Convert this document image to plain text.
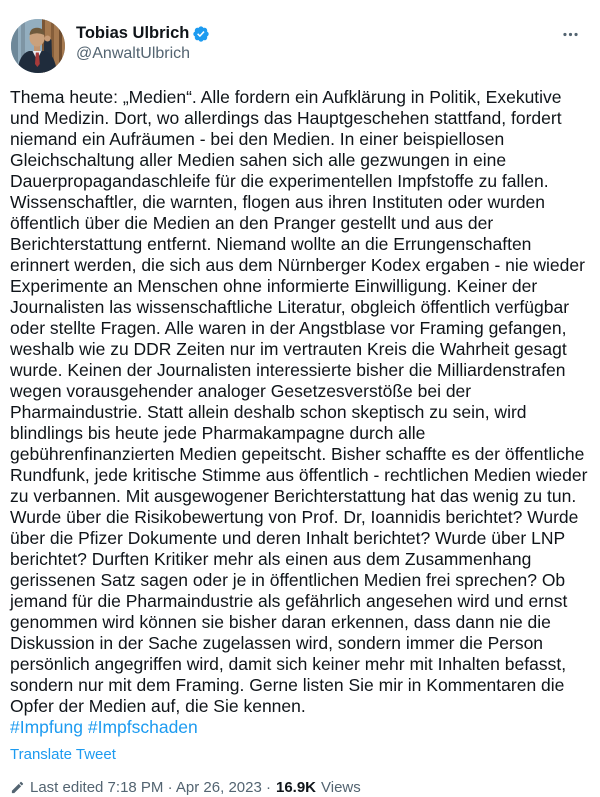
Tobias Ulbrich
@AnwaltUlbrich
Thema heute: „Medien“. Alle fordern ein Aufklärung in Politik, Exekutive und Medizin. Dort, wo allerdings das Hauptgeschehen stattfand, fordert niemand ein Aufräumen - bei den Medien. In einer beispiellosen Gleichschaltung aller Medien sahen sich alle gezwungen in eine Dauerpropagandaschleife für die experimentellen Impfstoffe zu fallen. Wissenschaftler, die warnten, flogen aus ihren Instituten oder wurden öffentlich über die Medien an den Pranger gestellt und aus der Berichterstattung entfernt. Niemand wollte an die Errungenschaften erinnert werden, die sich aus dem Nürnberger Kodex ergaben - nie wieder Experimente an Menschen ohne informierte Einwilligung. Keiner der Journalisten las wissenschaftliche Literatur, obgleich öffentlich verfügbar oder stellte Fragen. Alle waren in der Angstblase vor Framing gefangen, weshalb wie zu DDR Zeiten nur im vertrauten Kreis die Wahrheit gesagt wurde. Keinen der Journalisten interessierte bisher die Milliardenstrafen wegen vorausgehender analoger Gesetzesverstöße bei der Pharmaindustrie. Statt allein deshalb schon skeptisch zu sein, wird blindlings bis heute jede Pharmakampagne durch alle gebührenfinanzierten Medien gepeitscht. Bisher schaffte es der öffentliche Rundfunk, jede kritische Stimme aus öffentlich - rechtlichen Medien wieder zu verbannen. Mit ausgewogener Berichterstattung hat das wenig zu tun. Wurde über die Risikobewertung von Prof. Dr, Ioannidis berichtet? Wurde über die Pfizer Dokumente und deren Inhalt berichtet? Wurde über LNP berichtet? Durften Kritiker mehr als einen aus dem Zusammenhang gerissenen Satz sagen oder je in öffentlichen Medien frei sprechen? Ob jemand für die Pharmaindustrie als gefährlich angesehen wird und ernst genommen wird können sie bisher daran erkennen, dass dann nie die Diskussion in der Sache zugelassen wird, sondern immer die Person persönlich angegriffen wird, damit sich keiner mehr mit Inhalten befasst, sondern nur mit dem Framing. Gerne listen Sie mir in Kommentaren die Opfer der Medien auf, die Sie kennen.
#Impfung #Impfschaden
Translate Tweet
Last edited 7:18 PM · Apr 26, 2023 · 16.9K Views
